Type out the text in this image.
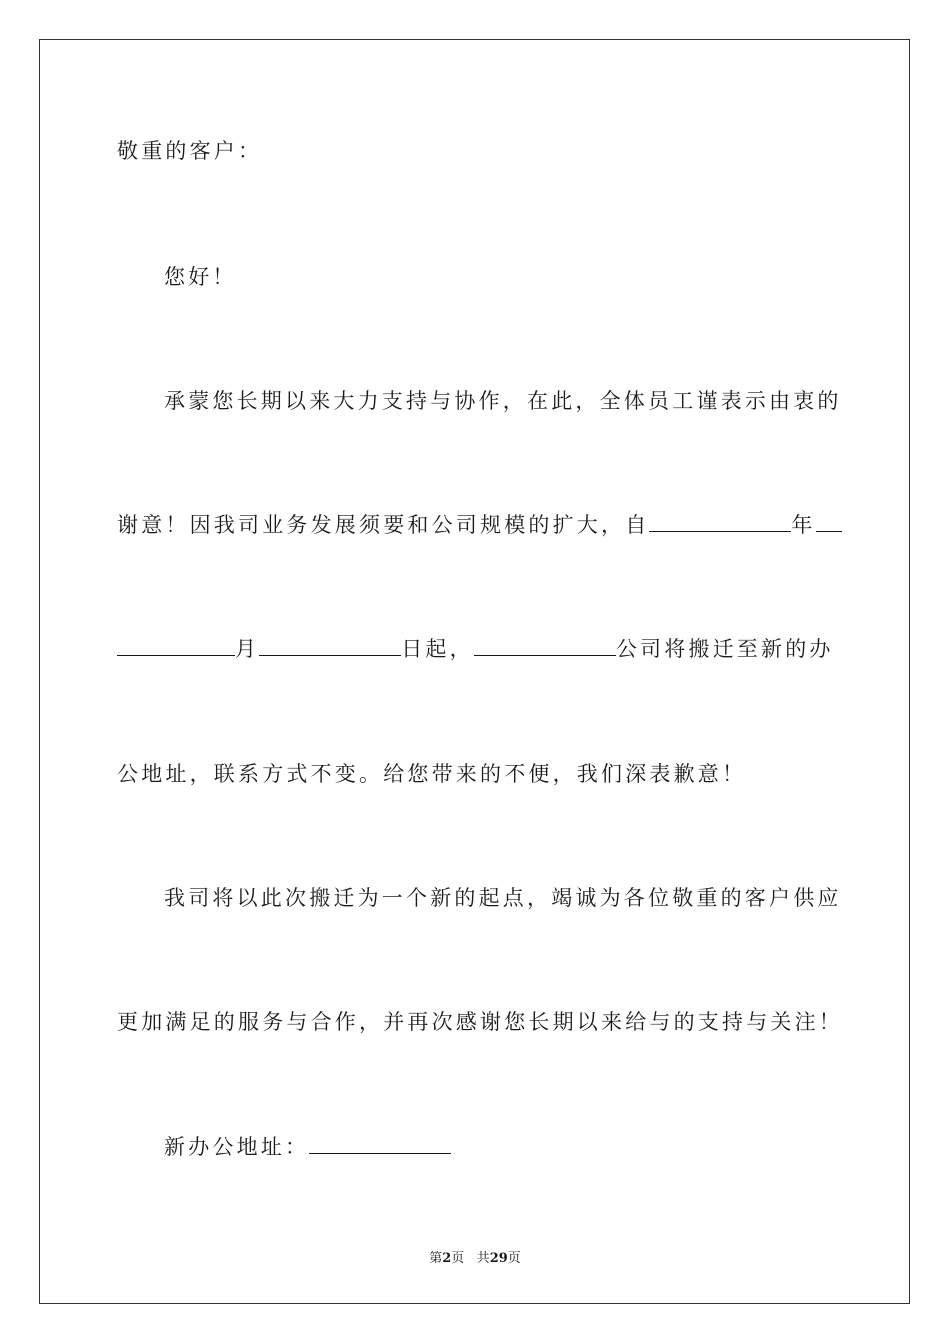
敬重的客户：
您好！
承蒙您长期以来大力支持与协作，在此，全体员工谨表示由衷的
谢意！因我司业务发展须要和公司规模的扩大，自	年
月	日起，	公司将搬迁至新的办
公地址，联系方式不变。给您带来的不便，我们深表歉意！
我司将以此次搬迁为一个新的起点，竭诚为各位敬重的客户供应
更加满足的服务与合作，并再次感谢您长期以来给与的支持与关注！
新办公地址：
第2页 共29页
